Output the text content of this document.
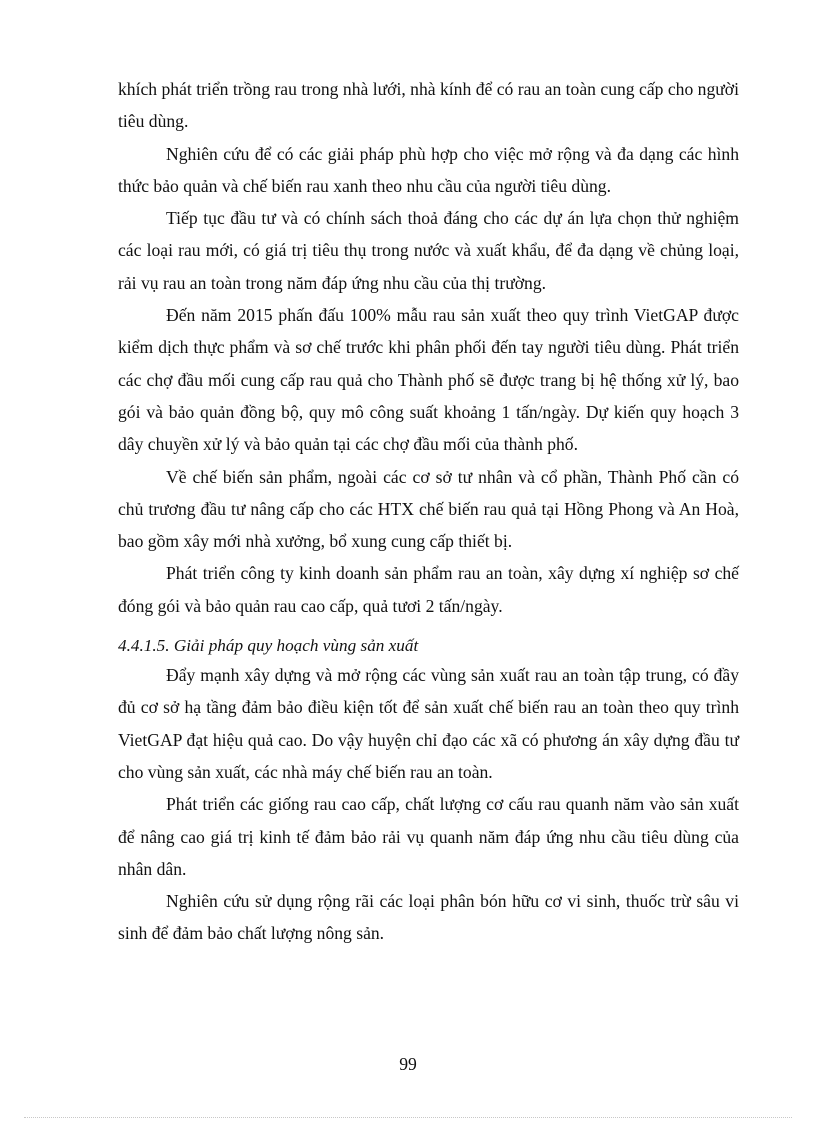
khích phát triển trồng rau trong nhà lưới, nhà kính để có rau an toàn cung cấp cho người tiêu dùng.

Nghiên cứu để có các giải pháp phù hợp cho việc mở rộng và đa dạng các hình thức bảo quản và chế biến rau xanh theo nhu cầu của người tiêu dùng.

Tiếp tục đầu tư và có chính sách thoả đáng cho các dự án lựa chọn thử nghiệm các loại rau mới, có giá trị tiêu thụ trong nước và xuất khẩu, để đa dạng về chủng loại, rải vụ rau an toàn trong năm đáp ứng nhu cầu của thị trường.

Đến năm 2015 phấn đấu 100% mẫu rau sản xuất theo quy trình VietGAP được kiểm dịch thực phẩm và sơ chế trước khi phân phối đến tay người tiêu dùng. Phát triển các chợ đầu mối cung cấp rau quả cho Thành phố sẽ được trang bị hệ thống xử lý, bao gói và bảo quản đồng bộ, quy mô công suất khoảng 1 tấn/ngày. Dự kiến quy hoạch 3 dây chuyền xử lý và bảo quản tại các chợ đầu mối của thành phố.

Về chế biến sản phẩm, ngoài các cơ sở tư nhân và cổ phần, Thành Phố cần có chủ trương đầu tư nâng cấp cho các HTX chế biến rau quả tại Hồng Phong và An Hoà, bao gồm xây mới nhà xưởng, bổ xung cung cấp thiết bị.

Phát triển công ty kinh doanh sản phẩm rau an toàn, xây dựng xí nghiệp sơ chế đóng gói và bảo quản rau cao cấp, quả tươi 2 tấn/ngày.

4.4.1.5. Giải pháp quy hoạch vùng sản xuất

Đẩy mạnh xây dựng và mở rộng các vùng sản xuất rau an toàn tập trung, có đầy đủ cơ sở hạ tầng đảm bảo điều kiện tốt để sản xuất chế biến rau an toàn theo quy trình VietGAP đạt hiệu quả cao. Do vậy huyện chỉ đạo các xã có phương án xây dựng đầu tư cho vùng sản xuất, các nhà máy chế biến rau an toàn.

Phát triển các giống rau cao cấp, chất lượng cơ cấu rau quanh năm vào sản xuất để nâng cao giá trị kinh tế đảm bảo rải vụ quanh năm đáp ứng nhu cầu tiêu dùng của nhân dân.

Nghiên cứu sử dụng rộng rãi các loại phân bón hữu cơ vi sinh, thuốc trừ sâu vi sinh để đảm bảo chất lượng nông sản.

99
